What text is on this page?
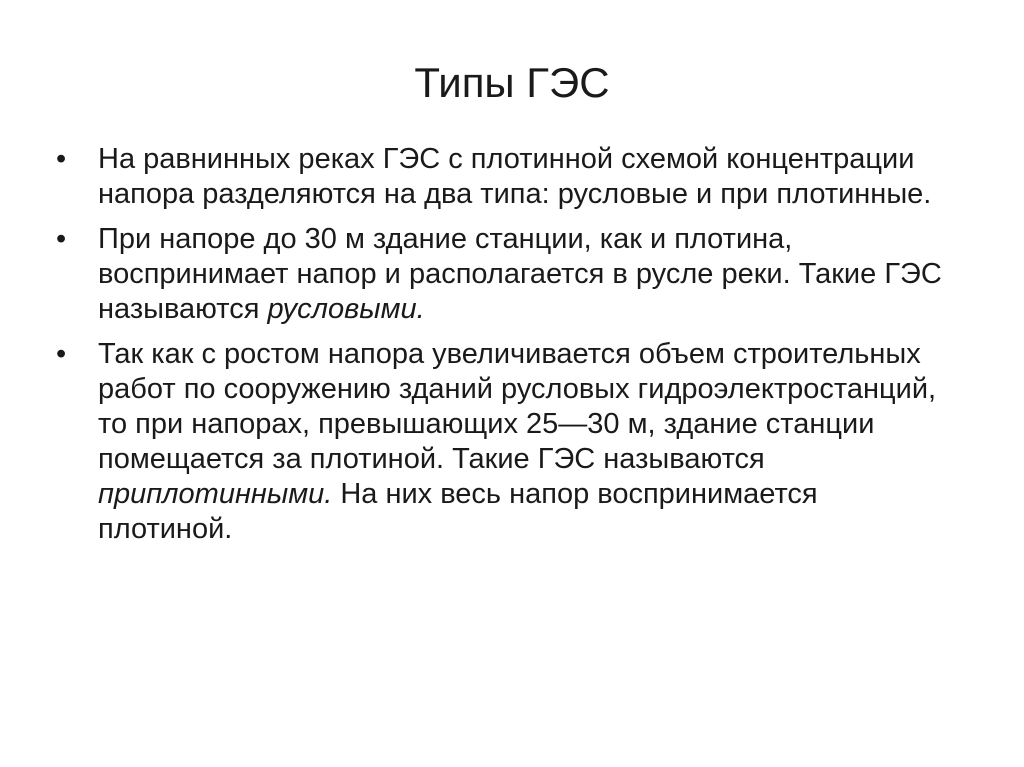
Типы ГЭС
• На равнинных реках ГЭС с плотинной схемой концентрации напора разделяются на два типа: русловые и при плотинные.
• При напоре до 30 м здание станции, как и плотина, воспринимает напор и располагается в русле реки. Такие ГЭС называются русловыми.
• Так как с ростом напора увеличивается объем строительных работ по сооружению зданий русловых гидроэлектростанций, то при напорах, превышающих 25—30 м, здание станции помещается за плотиной. Такие ГЭС называются приплотинными. На них весь напор воспринимается плотиной.
